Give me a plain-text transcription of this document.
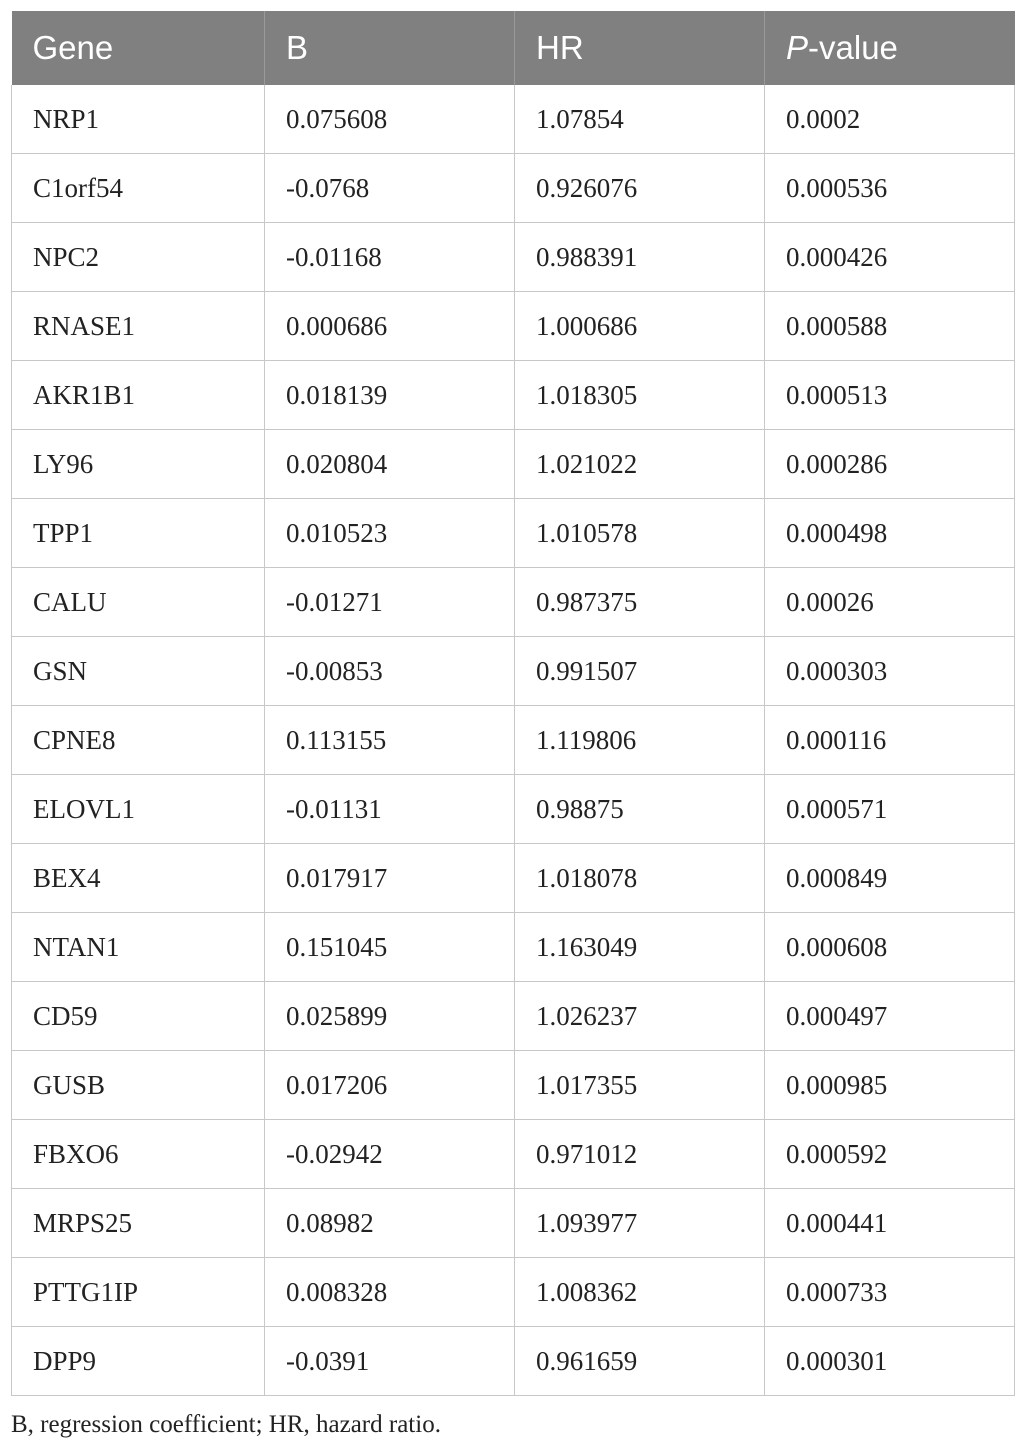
Gene	B	HR	P-value
NRP1	0.075608	1.07854	0.0002
C1orf54	-0.0768	0.926076	0.000536
NPC2	-0.01168	0.988391	0.000426
RNASE1	0.000686	1.000686	0.000588
AKR1B1	0.018139	1.018305	0.000513
LY96	0.020804	1.021022	0.000286
TPP1	0.010523	1.010578	0.000498
CALU	-0.01271	0.987375	0.00026
GSN	-0.00853	0.991507	0.000303
CPNE8	0.113155	1.119806	0.000116
ELOVL1	-0.01131	0.98875	0.000571
BEX4	0.017917	1.018078	0.000849
NTAN1	0.151045	1.163049	0.000608
CD59	0.025899	1.026237	0.000497
GUSB	0.017206	1.017355	0.000985
FBXO6	-0.02942	0.971012	0.000592
MRPS25	0.08982	1.093977	0.000441
PTTG1IP	0.008328	1.008362	0.000733
DPP9	-0.0391	0.961659	0.000301
B, regression coefficient; HR, hazard ratio.
